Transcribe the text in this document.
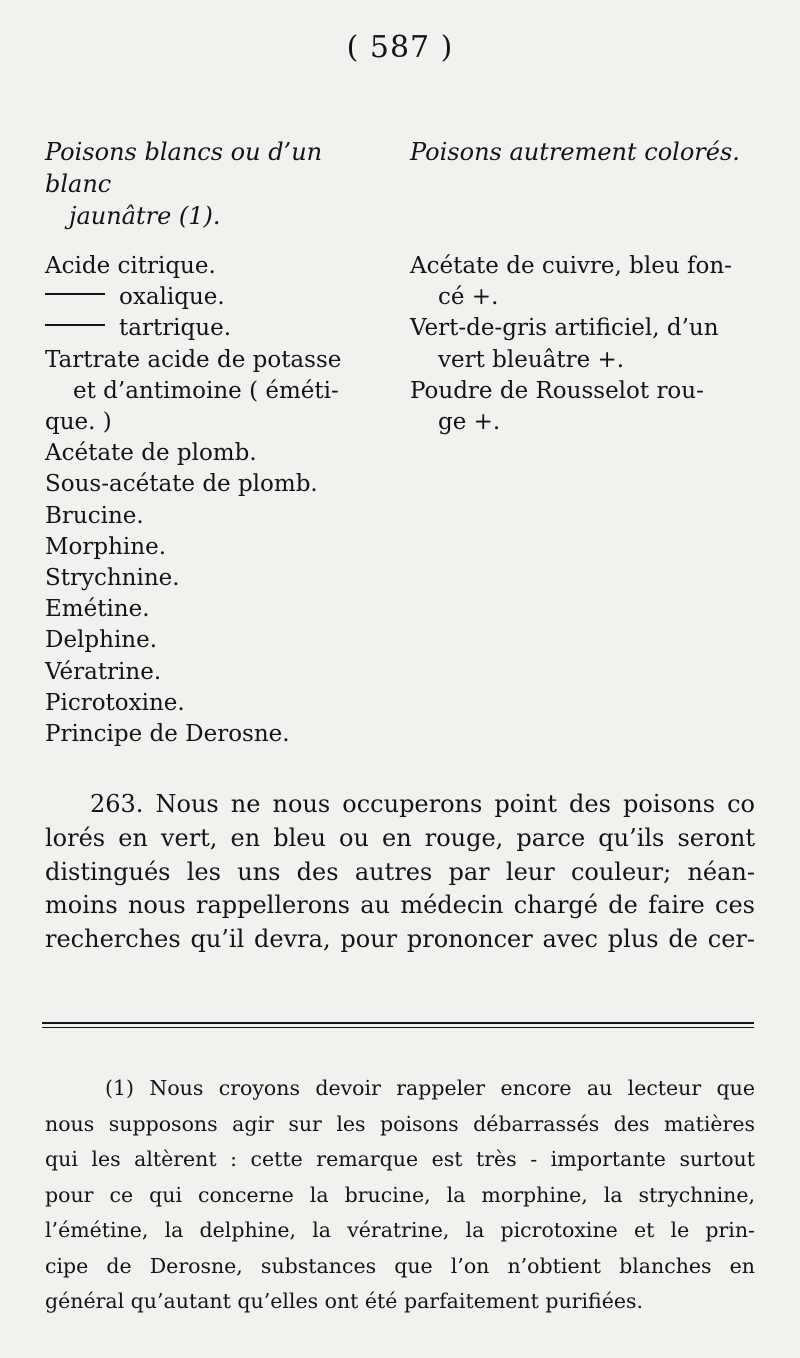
( 587 )
Poisons blancs ou d’un blanc
jaunâtre (1).
Poisons autrement colorés.
Acide citrique.
oxalique.
tartrique.
Tartrate acide de potasse
et d’antimoine ( éméti-
que. )
Acétate de plomb.
Sous-acétate de plomb.
Brucine.
Morphine.
Strychnine.
Emétine.
Delphine.
Vératrine.
Picrotoxine.
Principe de Derosne.
Acétate de cuivre, bleu fon-
cé +.
Vert-de-gris artificiel, d’un
vert bleuâtre +.
Poudre de Rousselot rou-
ge +.
263. Nous ne nous occuperons point des poisons co
lorés en vert, en bleu ou en rouge, parce qu’ils seront
distingués les uns des autres par leur couleur; néan-
moins nous rappellerons au médecin chargé de faire ces
recherches qu’il devra, pour prononcer avec plus de cer-
(1) Nous croyons devoir rappeler encore au lecteur que
nous supposons agir sur les poisons débarrassés des matières
qui les altèrent : cette remarque est très - importante surtout
pour ce qui concerne la brucine, la morphine, la strychnine,
l’émétine, la delphine, la vératrine, la picrotoxine et le prin-
cipe de Derosne, substances que l’on n’obtient blanches en
général qu’autant qu’elles ont été parfaitement purifiées.
